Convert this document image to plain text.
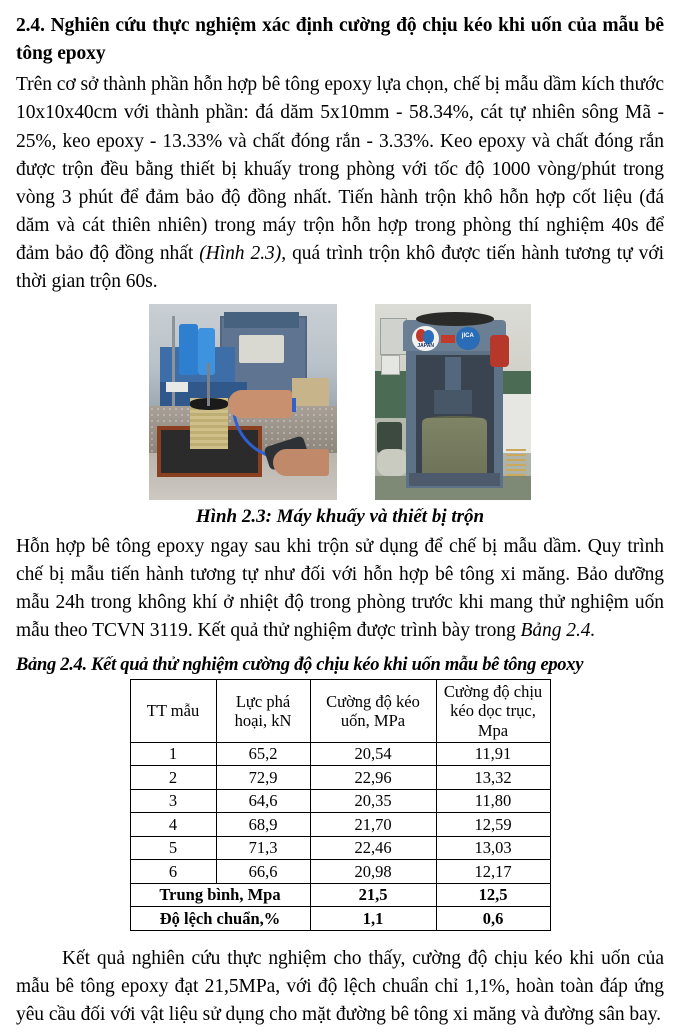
2.4. Nghiên cứu thực nghiệm xác định cường độ chịu kéo khi uốn của mẫu bê tông epoxy

Trên cơ sở thành phần hỗn hợp bê tông epoxy lựa chọn, chế bị mẫu dầm kích thước 10x10x40cm với thành phần: đá dăm 5x10mm - 58.34%, cát tự nhiên sông Mã - 25%, keo epoxy - 13.33% và chất đóng rắn - 3.33%. Keo epoxy và chất đóng rắn được trộn đều bằng thiết bị khuấy trong phòng với tốc độ 1000 vòng/phút trong vòng 3 phút để đảm bảo độ đồng nhất. Tiến hành trộn khô hỗn hợp cốt liệu (đá dăm và cát thiên nhiên) trong máy trộn hỗn hợp trong phòng thí nghiệm 40s để đảm bảo độ đồng nhất (Hình 2.3), quá trình trộn khô được tiến hành tương tự với thời gian trộn 60s.

JAPAN
jICA
Hình 2.3: Máy khuấy và thiết bị trộn

Hỗn hợp bê tông epoxy ngay sau khi trộn sử dụng để chế bị mẫu dầm. Quy trình chế bị mẫu tiến hành tương tự như đối với hỗn hợp bê tông xi măng. Bảo dưỡng mẫu 24h trong không khí ở nhiệt độ trong phòng trước khi mang thử nghiệm uốn mẫu theo TCVN 3119. Kết quả thử nghiệm được trình bày trong Bảng 2.4.

Bảng 2.4. Kết quả thử nghiệm cường độ chịu kéo khi uốn mẫu bê tông epoxy
TT mẫu	Lực phá hoại, kN	Cường độ kéo uốn, MPa	Cường độ chịu kéo dọc trục, Mpa
1	65,2	20,54	11,91
2	72,9	22,96	13,32
3	64,6	20,35	11,80
4	68,9	21,70	12,59
5	71,3	22,46	13,03
6	66,6	20,98	12,17
Trung bình, Mpa		21,5	12,5
Độ lệch chuẩn,%		1,1	0,6

Kết quả nghiên cứu thực nghiệm cho thấy, cường độ chịu kéo khi uốn của mẫu bê tông epoxy đạt 21,5MPa, với độ lệch chuẩn chỉ 1,1%, hoàn toàn đáp ứng yêu cầu đối với vật liệu sử dụng cho mặt đường bê tông xi măng và đường sân bay.
